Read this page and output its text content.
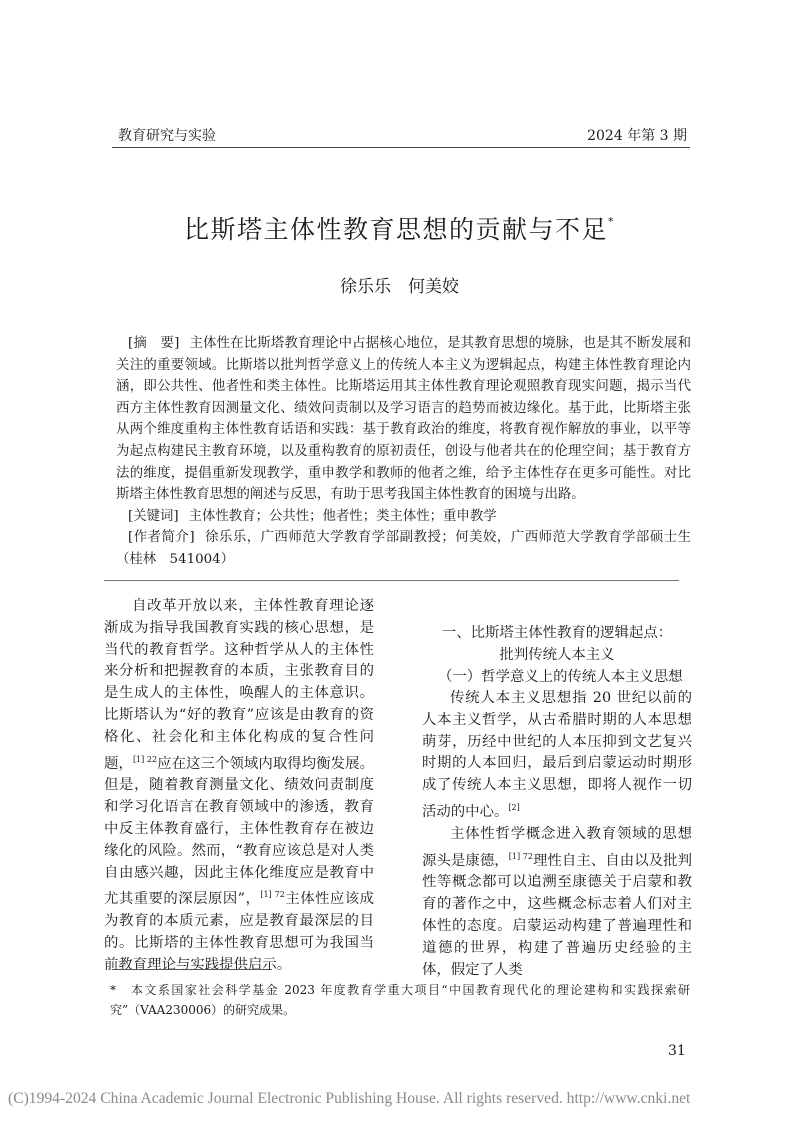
教育研究与实验	2024 年第 3 期
比斯塔主体性教育思想的贡献与不足*
徐乐乐　何美姣

[摘　要] 主体性在比斯塔教育理论中占据核心地位，是其教育思想的境脉，也是其不断发展和关注的重要领域。比斯塔以批判哲学意义上的传统人本主义为逻辑起点，构建主体性教育理论内涵，即公共性、他者性和类主体性。比斯塔运用其主体性教育理论观照教育现实问题，揭示当代西方主体性教育因测量文化、绩效问责制以及学习语言的趋势而被边缘化。基于此，比斯塔主张从两个维度重构主体性教育话语和实践：基于教育政治的维度，将教育视作解放的事业，以平等为起点构建民主教育环境，以及重构教育的原初责任，创设与他者共在的伦理空间；基于教育方法的维度，提倡重新发现教学，重申教学和教师的他者之维，给予主体性存在更多可能性。对比斯塔主体性教育思想的阐述与反思，有助于思考我国主体性教育的困境与出路。

[关键词] 主体性教育；公共性；他者性；类主体性；重申教学

[作者简介] 徐乐乐，广西师范大学教育学部副教授；何美姣，广西师范大学教育学部硕士生（桂林　541004）

自改革开放以来，主体性教育理论逐渐成为指导我国教育实践的核心思想，是当代的教育哲学。这种哲学从人的主体性来分析和把握教育的本质，主张教育目的是生成人的主体性，唤醒人的主体意识。比斯塔认为“好的教育”应该是由教育的资格化、社会化和主体化构成的复合性问题，$^{[1] 22}$应在这三个领域内取得均衡发展。但是，随着教育测量文化、绩效问责制度和学习化语言在教育领域中的渗透，教育中反主体教育盛行，主体性教育存在被边缘化的风险。然而，“教育应该总是对人类自由感兴趣，因此主体化维度应是教育中尤其重要的深层原因”，$^{[1] 72}$主体性应该成为教育的本质元素，应是教育最深层的目的。比斯塔的主体性教育思想可为我国当前教育理论与实践提供启示。

一、比斯塔主体性教育的逻辑起点：

批判传统人本主义

（一）哲学意义上的传统人本主义思想

传统人本主义思想指 20 世纪以前的人本主义哲学，从古希腊时期的人本思想萌芽，历经中世纪的人本压抑到文艺复兴时期的人本回归，最后到启蒙运动时期形成了传统人本主义思想，即将人视作一切活动的中心。[2]

主体性哲学概念进入教育领域的思想源头是康德，$^{[1] 72}$理性自主、自由以及批判性等概念都可以追溯至康德关于启蒙和教育的著作之中，这些概念标志着人们对主体性的态度。启蒙运动构建了普遍理性和道德的世界，构建了普遍历史经验的主体，假定了人类

*　本文系国家社会科学基金 2023 年度教育学重大项目“中国教育现代化的理论建构和实践探索研究”（VAA230006）的研究成果。
31
(C)1994-2024 China Academic Journal Electronic Publishing House. All rights reserved. http://www.cnki.net
